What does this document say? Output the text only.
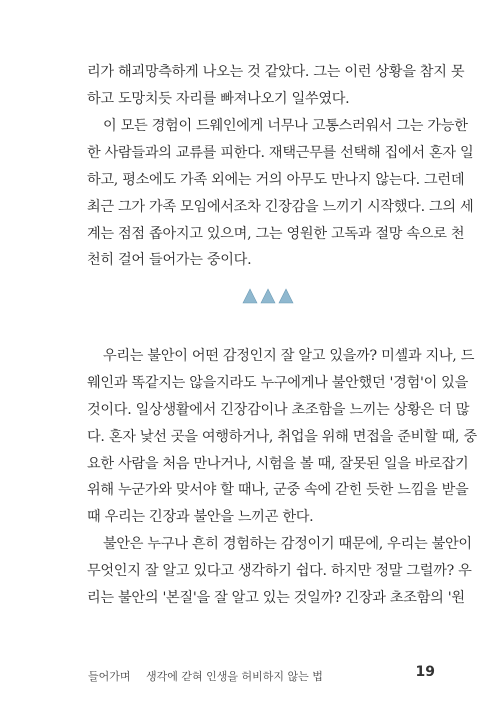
리가 해괴망측하게 나오는 것 같았다. 그는 이런 상황을 참지 못
하고 도망치듯 자리를 빠져나오기 일쑤였다.
이 모든 경험이 드웨인에게 너무나 고통스러워서 그는 가능한
한 사람들과의 교류를 피한다. 재택근무를 선택해 집에서 혼자 일
하고, 평소에도 가족 외에는 거의 아무도 만나지 않는다. 그런데
최근 그가 가족 모임에서조차 긴장감을 느끼기 시작했다. 그의 세
계는 점점 좁아지고 있으며, 그는 영원한 고독과 절망 속으로 천
천히 걸어 들어가는 중이다.
우리는 불안이 어떤 감정인지 잘 알고 있을까? 미셸과 지나, 드
웨인과 똑같지는 않을지라도 누구에게나 불안했던 '경험'이 있을
것이다. 일상생활에서 긴장감이나 초조함을 느끼는 상황은 더 많
다. 혼자 낯선 곳을 여행하거나, 취업을 위해 면접을 준비할 때, 중
요한 사람을 처음 만나거나, 시험을 볼 때, 잘못된 일을 바로잡기
위해 누군가와 맞서야 할 때나, 군중 속에 갇힌 듯한 느낌을 받을
때 우리는 긴장과 불안을 느끼곤 한다.
불안은 누구나 흔히 경험하는 감정이기 때문에, 우리는 불안이
무엇인지 잘 알고 있다고 생각하기 쉽다. 하지만 정말 그럴까? 우
리는 불안의 '본질'을 잘 알고 있는 것일까? 긴장과 초조함의 '원
들어가며 생각에 갇혀 인생을 허비하지 않는 법	19
